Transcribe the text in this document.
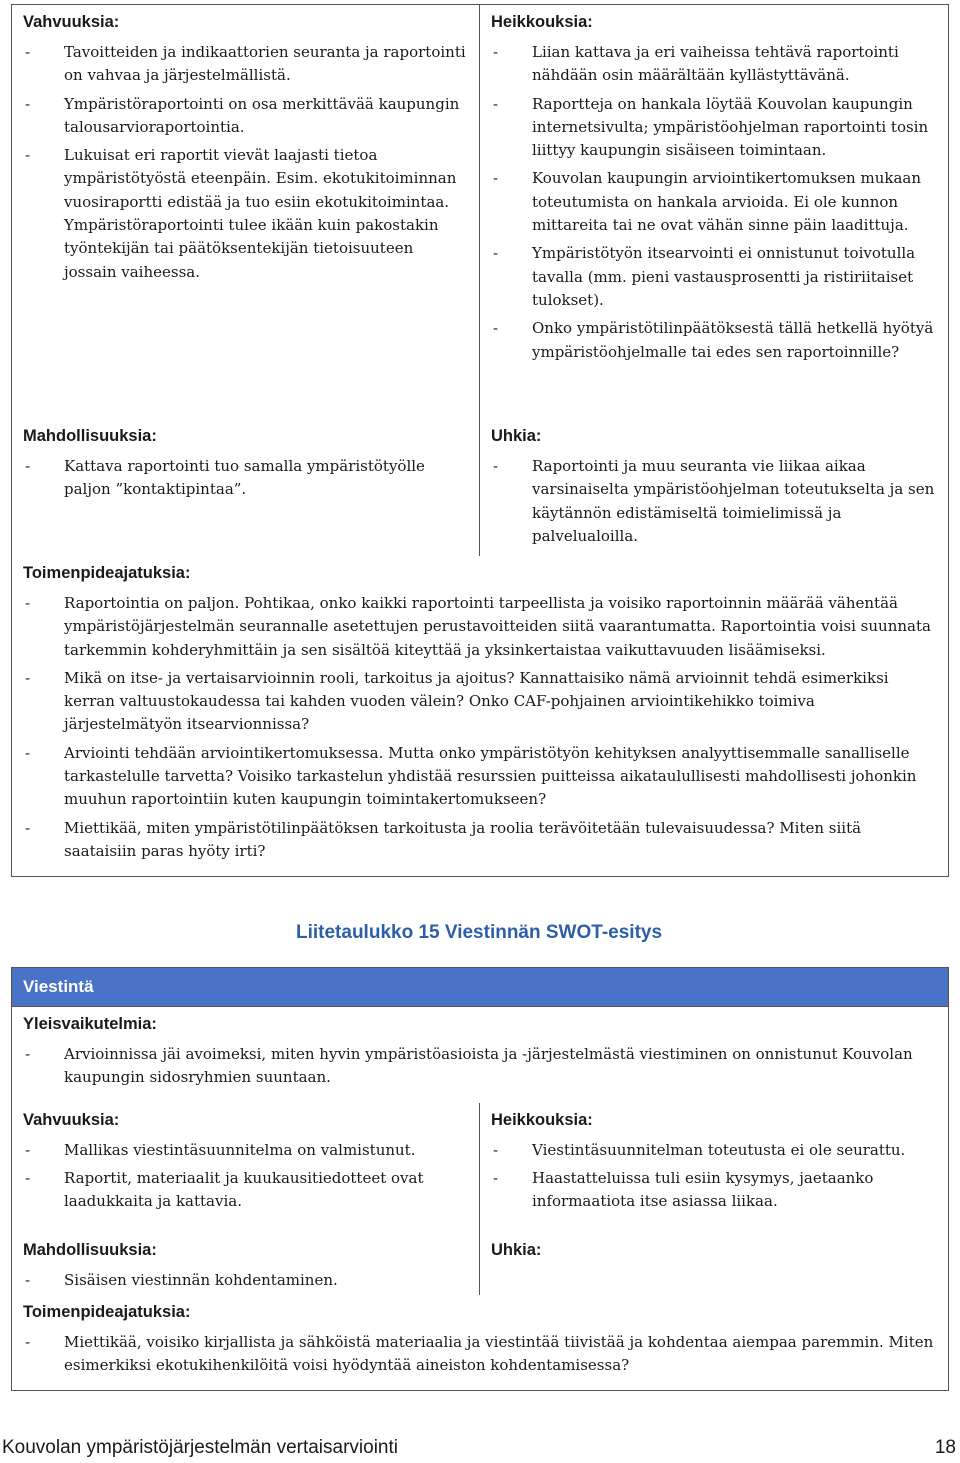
Vahvuuksia:
- Tavoitteiden ja indikaattorien seuranta ja raportointi on vahvaa ja järjestelmällistä.
- Ympäristöraportointi on osa merkittävää kaupungin talousarvioraportointia.
- Lukuisat eri raportit vievät laajasti tietoa ympäristötyöstä eteenpäin. Esim. ekotukitoiminnan vuosiraportti edistää ja tuo esiin ekotukitoimintaa. Ympäristöraportointi tulee ikään kuin pakostakin työntekijän tai päätöksentekijän tietoisuuteen jossain vaiheessa.
Heikkouksia:
- Liian kattava ja eri vaiheissa tehtävä raportointi nähdään osin määrältään kyllästyttävänä.
- Raportteja on hankala löytää Kouvolan kaupungin internetsivulta; ympäristöohjelman raportointi tosin liittyy kaupungin sisäiseen toimintaan.
- Kouvolan kaupungin arviointikertomuksen mukaan toteutumista on hankala arvioida. Ei ole kunnon mittareita tai ne ovat vähän sinne päin laadittuja.
- Ympäristötyön itsearvointi ei onnistunut toivotulla tavalla (mm. pieni vastausprosentti ja ristiriitaiset tulokset).
- Onko ympäristötilinpäätöksestä tällä hetkellä hyötyä ympäristöohjelmalle tai edes sen raportoinnille?
Mahdollisuuksia:
- Kattava raportointi tuo samalla ympäristötyölle paljon ”kontaktipintaa”.
Uhkia:
- Raportointi ja muu seuranta vie liikaa aikaa varsinaiselta ympäristöohjelman toteutukselta ja sen käytännön edistämiseltä toimielimissä ja palvelualoilla.
Toimenpideajatuksia:
- Raportointia on paljon. Pohtikaa, onko kaikki raportointi tarpeellista ja voisiko raportoinnin määrää vähentää ympäristöjärjestelmän seurannalle asetettujen perustavoitteiden siitä vaarantumatta. Raportointia voisi suunnata tarkemmin kohderyhmittäin ja sen sisältöä kiteyttää ja yksinkertaistaa vaikuttavuuden lisäämiseksi.
- Mikä on itse- ja vertaisarvioinnin rooli, tarkoitus ja ajoitus? Kannattaisiko nämä arvioinnit tehdä esimerkiksi kerran valtuustokaudessa tai kahden vuoden välein? Onko CAF-pohjainen arviointikehikko toimiva järjestelmätyön itsearvionnissa?
- Arviointi tehdään arviointikertomuksessa. Mutta onko ympäristötyön kehityksen analyyttisemmalle sanalliselle tarkastelulle tarvetta? Voisiko tarkastelun yhdistää resurssien puitteissa aikataulullisesti mahdollisesti johonkin muuhun raportointiin kuten kaupungin toimintakertomukseen?
- Miettikää, miten ympäristötilinpäätöksen tarkoitusta ja roolia terävöitetään tulevaisuudessa? Miten siitä saataisiin paras hyöty irti?
Liitetaulukko 15 Viestinnän SWOT-esitys
Viestintä
Yleisvaikutelmia:
- Arvioinnissa jäi avoimeksi, miten hyvin ympäristöasioista ja -järjestelmästä viestiminen on onnistunut Kouvolan kaupungin sidosryhmien suuntaan.
Vahvuuksia:
- Mallikas viestintäsuunnitelma on valmistunut.
- Raportit, materiaalit ja kuukausitiedotteet ovat laadukkaita ja kattavia.
Heikkouksia:
- Viestintäsuunnitelman toteutusta ei ole seurattu.
- Haastatteluissa tuli esiin kysymys, jaetaanko informaatiota itse asiassa liikaa.
Mahdollisuuksia:
- Sisäisen viestinnän kohdentaminen.
Uhkia:
Toimenpideajatuksia:
- Miettikää, voisiko kirjallista ja sähköistä materiaalia ja viestintää tiivistää ja kohdentaa aiempaa paremmin. Miten esimerkiksi ekotukihenkilöitä voisi hyödyntää aineiston kohdentamisessa?
Kouvolan ympäristöjärjestelmän vertaisarviointi	18
